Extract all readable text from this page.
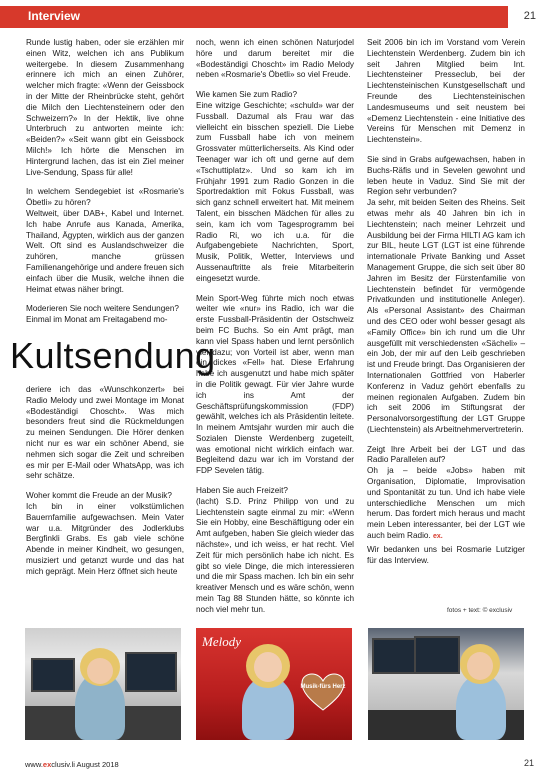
Interview	21

Runde lustig haben, oder sie erzählen mir einen Witz, welchen ich ans Publikum weitergebe. In diesem Zusammenhang erinnere ich mich an einen Zuhörer, welcher mich fragte: «Wenn der Geissbock in der Mitte der Rheinbrücke steht, gehört die Milch den Liechtensteinern oder den Schweizern?» In der Hektik, live ohne Unterbruch zu antworten meinte ich: «Beiden?» «Seit wann gibt ein Geissbock Milch!» Ich hörte die Menschen im Hintergrund lachen, das ist ein Ziel meiner Live-Sendung, Spass für alle!

In welchem Sendegebiet ist «Rosmarie's Öbetli» zu hören?

Weltweit, über DAB+, Kabel und Internet. Ich habe Anrufe aus Kanada, Amerika, Thailand, Ägypten, wirklich aus der ganzen Welt. Oft sind es Auslandschweizer die zuhören, manche grüssen Familienangehörige und andere freuen sich einfach über die Musik, welche ihnen die Heimat etwas näher bringt.

Moderieren Sie noch weitere Sendungen?

Einmal im Monat am Freitagabend mo-

Kultsendung

deriere ich das «Wunschkonzert» bei Radio Melody und zwei Montage im Monat «Bodeständigi Choscht». Was mich besonders freut sind die Rückmeldungen zu meinen Sendungen. Die Hörer denken nicht nur es war ein schöner Abend, sie nehmen sich sogar die Zeit und schreiben es mir per E-Mail oder WhatsApp, was ich sehr schätze.

Woher kommt die Freude an der Musik?

Ich bin in einer volkstümlichen Bauernfamilie aufgewachsen. Mein Vater war u.a. Mitgründer des Jodlerklubs Bergfinkli Grabs. Es gab viele schöne Abende in meiner Kindheit, wo gesungen, musiziert und getanzt wurde und das hat mich geprägt. Mein Herz öffnet sich heute

noch, wenn ich einen schönen Naturjodel höre und darum bereitet mir die «Bodeständigi Choscht» im Radio Melody neben «Rosmarie's Öbetli» so viel Freude.

Wie kamen Sie zum Radio?

Eine witzige Geschichte; «schuld» war der Fussball. Dazumal als Frau war das vielleicht ein bisschen speziell. Die Liebe zum Fussball habe ich von meinem Grossvater mütterlicherseits. Als Kind oder Teenager war ich oft und gerne auf dem «Tschuttiplatz». Und so kam ich im Frühjahr 1991 zum Radio Gonzen in die Sportredaktion mit Fokus Fussball, was sich ganz schnell erweitert hat. Mit meinem Talent, ein bisschen Mädchen für alles zu sein, kam ich vom Tagesprogramm bei Radio Ri, wo ich u.a. für die Aufgabengebiete Nachrichten, Sport, Musik, Politik, Wetter, Interviews und Aussenauftritte als freie Mitarbeiterin eingesetzt wurde.

Mein Sport-Weg führte mich noch etwas weiter wie «nur» ins Radio, ich war die erste Fussball-Präsidentin der Ostschweiz beim FC Buchs. So ein Amt prägt, man kann viel Spass haben und lernt persönlich viel dazu; von Vorteil ist aber, wenn man ein dickes «Fell» hat. Diese Erfahrung habe ich ausgenutzt und habe mich später in die Politik gewagt. Für vier Jahre wurde ich ins Amt der Geschäftsprüfungskommission (FDP) gewählt, welches ich als Präsidentin leitete. In meinem Amtsjahr wurden mir auch die Sozialen Dienste Werdenberg zugeteilt, was emotional nicht wirklich einfach war. Begleitend dazu war ich im Vorstand der FDP Sevelen tätig.

Haben Sie auch Freizeit?

(lacht) S.D. Prinz Philipp von und zu Liechtenstein sagte einmal zu mir: «Wenn Sie ein Hobby, eine Beschäftigung oder ein Amt aufgeben, haben Sie gleich wieder das nächste», und ich weiss, er hat recht. Viel Zeit für mich persönlich habe ich nicht. Es gibt so viele Dinge, die mich interessieren und die mir Spass machen. Ich bin ein sehr kreativer Mensch und es wäre schön, wenn mein Tag 88 Stunden hätte, so könnte ich noch viel mehr tun.

Seit 2006 bin ich im Vorstand vom Verein Liechtenstein Werdenberg. Zudem bin ich seit Jahren Mitglied beim Int. Liechtensteiner Presseclub, bei der Liechtensteinischen Kunstgesellschaft und Freunde des Liechtensteinischen Landesmuseums und seit neustem bei «Demenz Liechtenstein - eine Initiative des Vereins für Menschen mit Demenz in Liechtenstein».

Sie sind in Grabs aufgewachsen, haben in Buchs-Räfis und in Sevelen gewohnt und leben heute in Vaduz. Sind Sie mit der Region sehr verbunden?

Ja sehr, mit beiden Seiten des Rheins. Seit etwas mehr als 40 Jahren bin ich in Liechtenstein; nach meiner Lehrzeit und Ausbildung bei der Firma HILTI AG kam ich zur BIL, heute LGT (LGT ist eine führende internationale Private Banking und Asset Management Gruppe, die sich seit über 80 Jahren im Besitz der Fürstenfamilie von Liechtenstein befindet für vermögende Privatkunden und institutionelle Anleger). Als «Personal Assistant» des Chairman und des CEO oder wohl besser gesagt als «Family Office» bin ich rund um die Uhr ausgefüllt mit verschiedensten «Sächeli» – ein Job, der mir auf den Leib geschrieben ist und Freude bringt. Das Organisieren der Internationalen Gottfried von Haberler Konferenz in Vaduz gehört ebenfalls zu meinen regionalen Aufgaben. Zudem bin ich seit 2006 im Stiftungsrat der Personalvorsorgestiftung der LGT Gruppe (Liechtenstein) als Arbeitnehmervertreterin.

Zeigt Ihre Arbeit bei der LGT und das Radio Parallelen auf?

Oh ja – beide «Jobs» haben mit Organisation, Diplomatie, Improvisation und Spontanität zu tun. Und ich habe viele unterschiedliche Menschen um mich herum. Das fordert mich heraus und macht mein Leben interessanter, bei der LGT wie auch beim Radio. ex.

Wir bedanken uns bei Rosmarie Lutziger für das Interview.

fotos + text: © exclusiv
Melody
Musik-fürs Herz
www.exclusiv.li August 2018	21
